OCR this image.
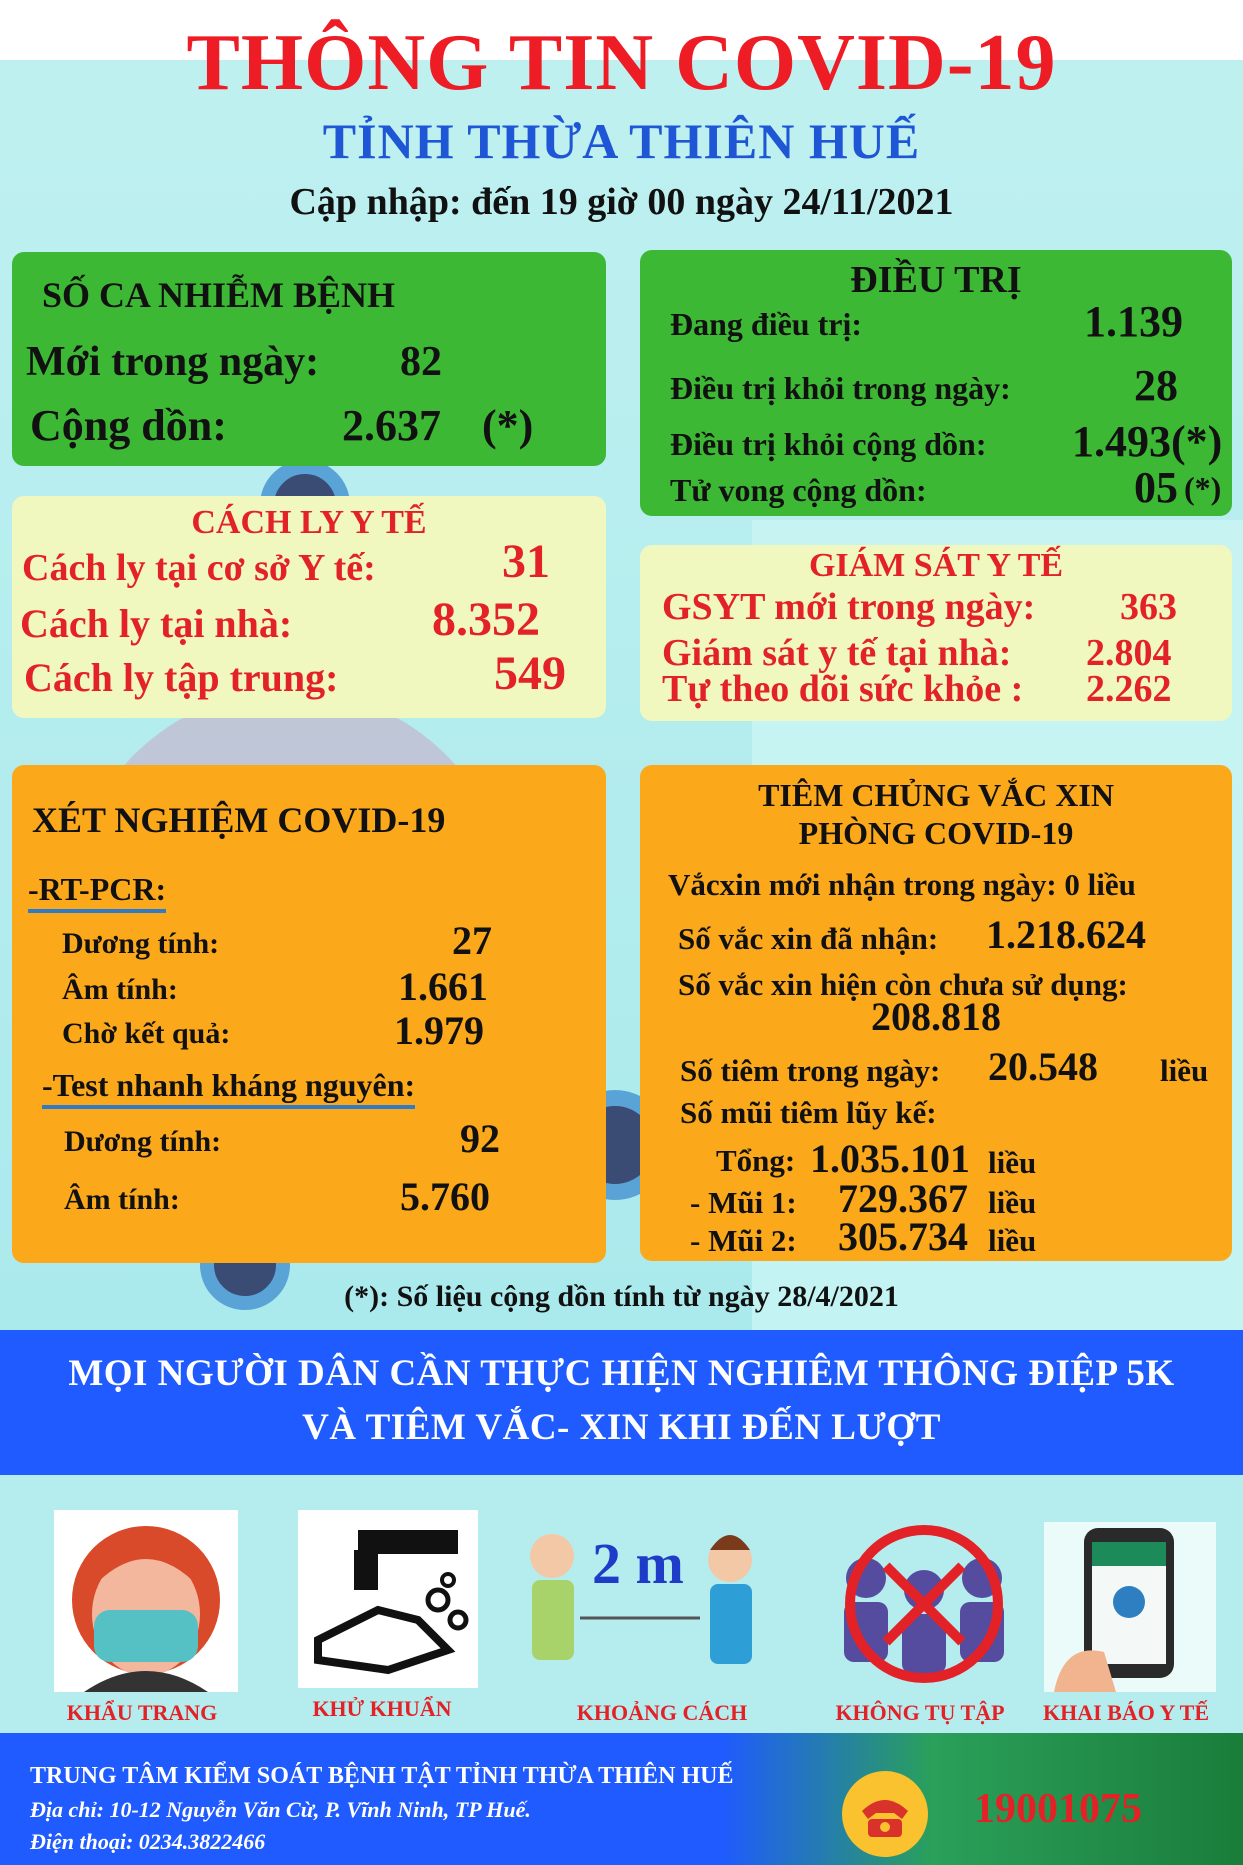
THÔNG TIN COVID-19
TỈNH THỪA THIÊN HUẾ
Cập nhập: đến 19 giờ 00 ngày 24/11/2021
SỐ CA NHIỄM BỆNH
Mới trong ngày: 82
Cộng dồn:	2.637 (*)
ĐIỀU TRỊ
Đang điều trị:	1.139
Điều trị khỏi trong ngày:	28
Điều trị khỏi cộng dồn: 1.493(*)
Tử vong cộng dồn:	05 (*)
CÁCH LY Y TẾ
Cách ly tại cơ sở Y tế:	31
Cách ly tại nhà:	8.352
Cách ly tập trung:	549
GIÁM SÁT Y TẾ
GSYT mới trong ngày: 363
Giám sát y tế tại nhà: 2.804
Tự theo dõi sức khỏe : 2.262
XÉT NGHIỆM COVID-19
-RT-PCR:
Dương tính:	27
Âm tính:	1.661
Chờ kết quả:	1.979
-Test nhanh kháng nguyên:
Dương tính:	92
Âm tính:	5.760
TIÊM CHỦNG VẮC XIN
PHÒNG COVID-19
Vắcxin mới nhận trong ngày: 0 liều
Số vắc xin đã nhận: 1.218.624
Số vắc xin hiện còn chưa sử dụng:
208.818
Số tiêm trong ngày: 20.548 liều
Số mũi tiêm lũy kế:
Tổng: 1.035.101 liều
- Mũi 1: 729.367 liều
- Mũi 2: 305.734 liều
(*): Số liệu cộng dồn tính từ ngày 28/4/2021
MỌI NGƯỜI DÂN CẦN THỰC HIỆN NGHIÊM THÔNG ĐIỆP 5K
VÀ TIÊM VẮC- XIN KHI ĐẾN LƯỢT
2 m
KHẨU TRANG	KHỬ KHUẨN	KHOẢNG CÁCH	KHÔNG TỤ TẬP	KHAI BÁO Y TẾ
TRUNG TÂM KIỂM SOÁT BỆNH TẬT TỈNH THỪA THIÊN HUẾ
Địa chỉ: 10-12 Nguyễn Văn Cừ, P. Vĩnh Ninh, TP Huế.
Điện thoại: 0234.3822466
19001075
